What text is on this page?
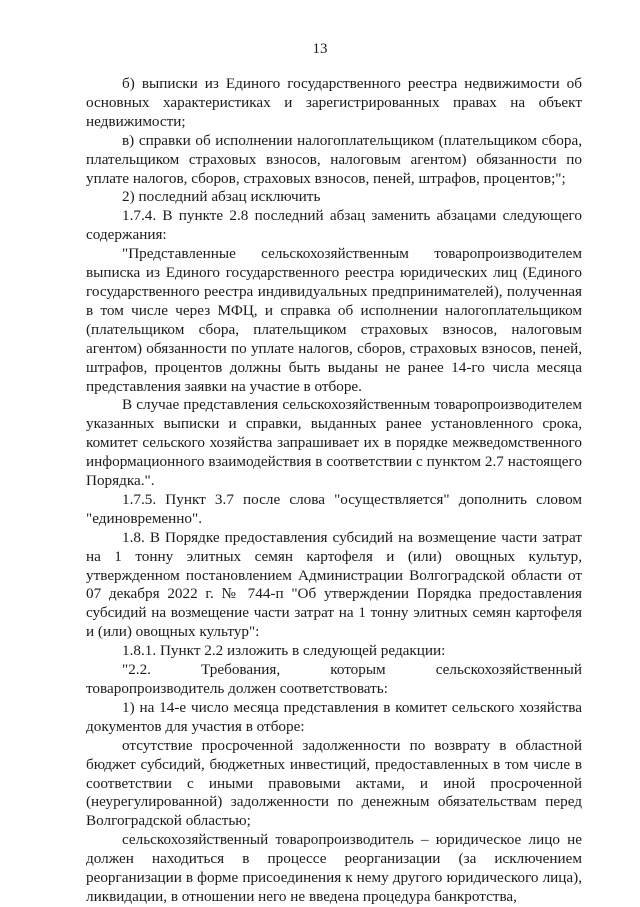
13

б) выписки из Единого государственного реестра недвижимости об основных характеристиках и зарегистрированных правах на объект недвижимости;

в) справки об исполнении налогоплательщиком (плательщиком сбора, плательщиком страховых взносов, налоговым агентом) обязанности по уплате налогов, сборов, страховых взносов, пеней, штрафов, процентов;";

2) последний абзац исключить

1.7.4. В пункте 2.8 последний абзац заменить абзацами следующего содержания:

"Представленные сельскохозяйственным товаропроизводителем выписка из Единого государственного реестра юридических лиц (Единого государственного реестра индивидуальных предпринимателей), полученная в том числе через МФЦ, и справка об исполнении налогоплательщиком (плательщиком сбора, плательщиком страховых взносов, налоговым агентом) обязанности по уплате налогов, сборов, страховых взносов, пеней, штрафов, процентов должны быть выданы не ранее 14-го числа месяца представления заявки на участие в отборе.

В случае представления сельскохозяйственным товаропроизводителем указанных выписки и справки, выданных ранее установленного срока, комитет сельского хозяйства запрашивает их в порядке межведомственного информационного взаимодействия в соответствии с пунктом 2.7 настоящего Порядка.".

1.7.5. Пункт 3.7 после слова "осуществляется" дополнить словом "единовременно".

1.8. В Порядке предоставления субсидий на возмещение части затрат на 1 тонну элитных семян картофеля и (или) овощных культур, утвержденном постановлением Администрации Волгоградской области от 07 декабря 2022 г. № 744-п "Об утверждении Порядка предоставления субсидий на возмещение части затрат на 1 тонну элитных семян картофеля и (или) овощных культур":

1.8.1. Пункт 2.2 изложить в следующей редакции:

"2.2. Требования, которым сельскохозяйственный товаропроизводитель должен соответствовать:

1) на 14-е число месяца представления в комитет сельского хозяйства документов для участия в отборе:

отсутствие просроченной задолженности по возврату в областной бюджет субсидий, бюджетных инвестиций, предоставленных в том числе в соответствии с иными правовыми актами, и иной просроченной (неурегулированной) задолженности по денежным обязательствам перед Волгоградской областью;

сельскохозяйственный товаропроизводитель – юридическое лицо не должен находиться в процессе реорганизации (за исключением реорганизации в форме присоединения к нему другого юридического лица), ликвидации, в отношении него не введена процедура банкротства,
